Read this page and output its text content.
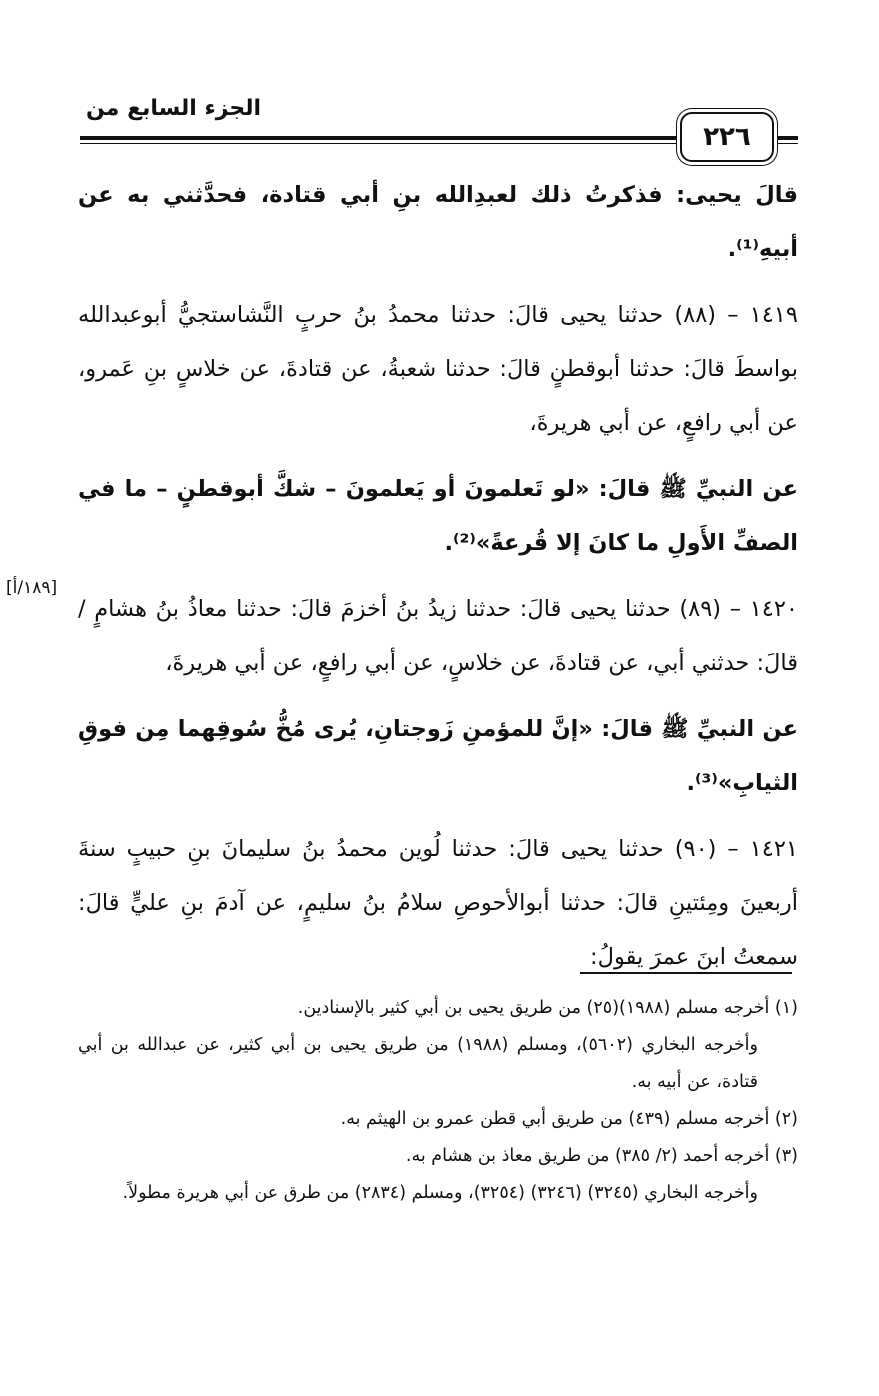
الجزء السابع من
٢٢٦
[١٨٩/أ]

قالَ يحيى: فذكرتُ ذلك لعبدِالله بنِ أبي قتادة، فحدَّثني به عن أبيهِ⁽¹⁾.

١٤١٩ – (٨٨) حدثنا يحيى قالَ: حدثنا محمدُ بنُ حربٍ النَّشاستجيُّ أبوعبدالله بواسطَ قالَ: حدثنا أبوقطنٍ قالَ: حدثنا شعبةُ، عن قتادةَ، عن خلاسٍ بنِ عَمرو، عن أبي رافعٍ، عن أبي هريرةَ،

عن النبيِّ ﷺ قالَ: «لو تَعلمونَ أو يَعلمونَ – شكَّ أبوقطنٍ – ما في الصفِّ الأَولِ ما كانَ إلا قُرعةً»⁽²⁾.

١٤٢٠ – (٨٩) حدثنا يحيى قالَ: حدثنا زيدُ بنُ أخزمَ قالَ: حدثنا معاذُ بنُ هشامٍ / قالَ: حدثني أبي، عن قتادةَ، عن خلاسٍ، عن أبي رافعٍ، عن أبي هريرةَ،

عن النبيِّ ﷺ قالَ: «إنَّ للمؤمنِ زَوجتانِ، يُرى مُخُّ سُوقِهما مِن فوقِ الثيابِ»⁽³⁾.

١٤٢١ – (٩٠) حدثنا يحيى قالَ: حدثنا لُوين محمدُ بنُ سليمانَ بنِ حبيبٍ سنةَ أربعينَ ومِئتينِ قالَ: حدثنا أبوالأحوصِ سلامُ بنُ سليمٍ، عن آدمَ بنِ عليٍّ قالَ: سمعتُ ابنَ عمرَ يقولُ:

(١) أخرجه مسلم (١٩٨٨)(٢٥) من طريق يحيى بن أبي كثير بالإسنادين.

وأخرجه البخاري (٥٦٠٢)، ومسلم (١٩٨٨) من طريق يحيى بن أبي كثير، عن عبدالله بن أبي قتادة، عن أبيه به.

(٢) أخرجه مسلم (٤٣٩) من طريق أبي قطن عمرو بن الهيثم به.

(٣) أخرجه أحمد (٢/ ٣٨٥) من طريق معاذ بن هشام به.

وأخرجه البخاري (٣٢٤٥) (٣٢٤٦) (٣٢٥٤)، ومسلم (٢٨٣٤) من طرق عن أبي هريرة مطولاً.
